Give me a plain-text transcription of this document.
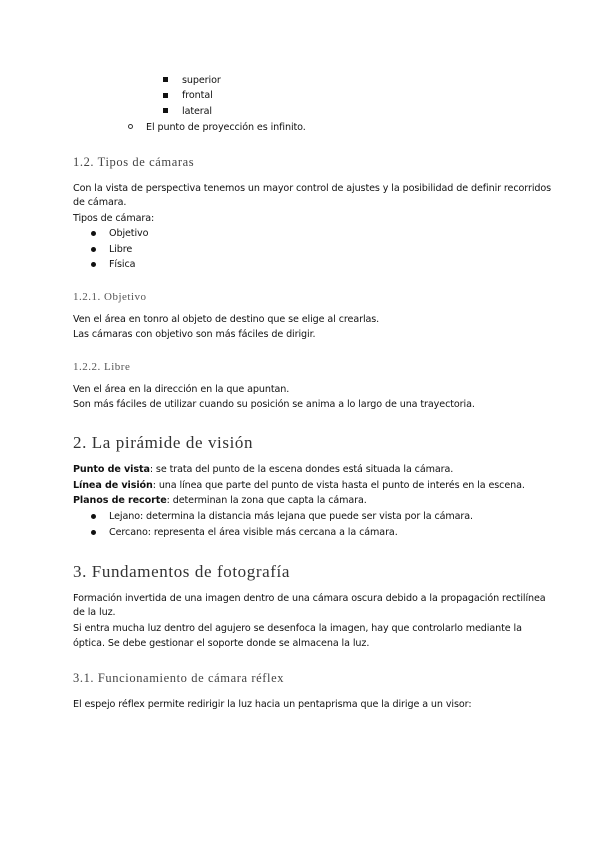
superior
frontal
lateral
El punto de proyección es infinito.
1.2. Tipos de cámaras
Con la vista de perspectiva tenemos un mayor control de ajustes y la posibilidad de definir recorridos
de cámara.
Tipos de cámara:
Objetivo
Libre
Física
1.2.1. Objetivo
Ven el área en tonro al objeto de destino que se elige al crearlas.
Las cámaras con objetivo son más fáciles de dirigir.
1.2.2. Libre
Ven el área en la dirección en la que apuntan.
Son más fáciles de utilizar cuando su posición se anima a lo largo de una trayectoria.
2. La pirámide de visión
Punto de vista: se trata del punto de la escena dondes está situada la cámara.
Línea de visión: una línea que parte del punto de vista hasta el punto de interés en la escena.
Planos de recorte: determinan la zona que capta la cámara.
Lejano: determina la distancia más lejana que puede ser vista por la cámara.
Cercano: representa el área visible más cercana a la cámara.
3. Fundamentos de fotografía
Formación invertida de una imagen dentro de una cámara oscura debido a la propagación rectilínea
de la luz.
Si entra mucha luz dentro del agujero se desenfoca la imagen, hay que controlarlo mediante la
óptica. Se debe gestionar el soporte donde se almacena la luz.
3.1. Funcionamiento de cámara réflex
El espejo réflex permite redirigir la luz hacia un pentaprisma que la dirige a un visor:
